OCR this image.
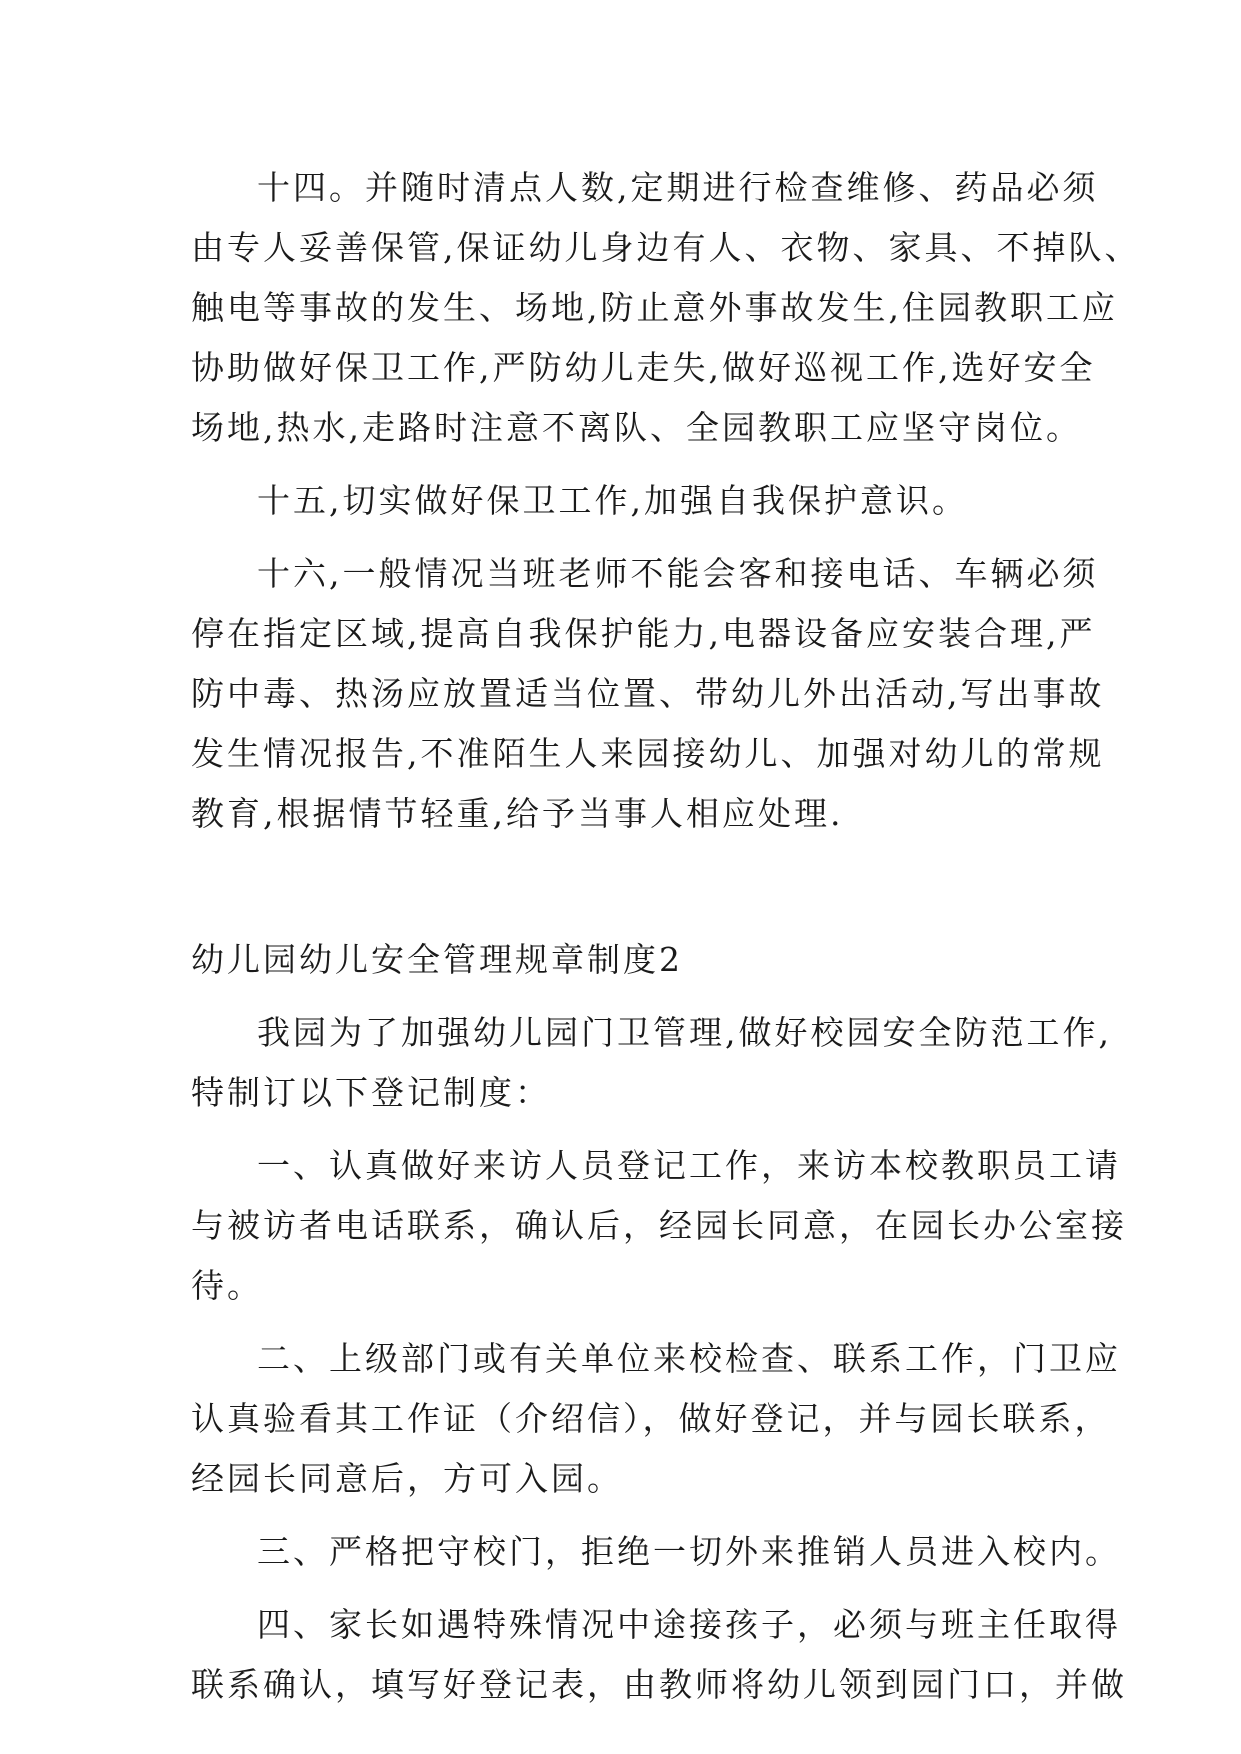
十四。并随时清点人数,定期进行检查维修、药品必须
由专人妥善保管,保证幼儿身边有人、衣物、家具、不掉队、
触电等事故的发生、场地,防止意外事故发生,住园教职工应
协助做好保卫工作,严防幼儿走失,做好巡视工作,选好安全
场地,热水,走路时注意不离队、全园教职工应坚守岗位。

十五,切实做好保卫工作,加强自我保护意识。

十六,一般情况当班老师不能会客和接电话、车辆必须
停在指定区域,提高自我保护能力,电器设备应安装合理,严
防中毒、热汤应放置适当位置、带幼儿外出活动,写出事故
发生情况报告,不准陌生人来园接幼儿、加强对幼儿的常规
教育,根据情节轻重,给予当事人相应处理.

幼儿园幼儿安全管理规章制度2

我园为了加强幼儿园门卫管理,做好校园安全防范工作,
特制订以下登记制度：

一、认真做好来访人员登记工作，来访本校教职员工请
与被访者电话联系，确认后，经园长同意，在园长办公室接
待。

二、上级部门或有关单位来校检查、联系工作，门卫应
认真验看其工作证（介绍信），做好登记，并与园长联系，
经园长同意后，方可入园。

三、严格把守校门，拒绝一切外来推销人员进入校内。

四、家长如遇特殊情况中途接孩子，必须与班主任取得
联系确认，填写好登记表，由教师将幼儿领到园门口，并做
